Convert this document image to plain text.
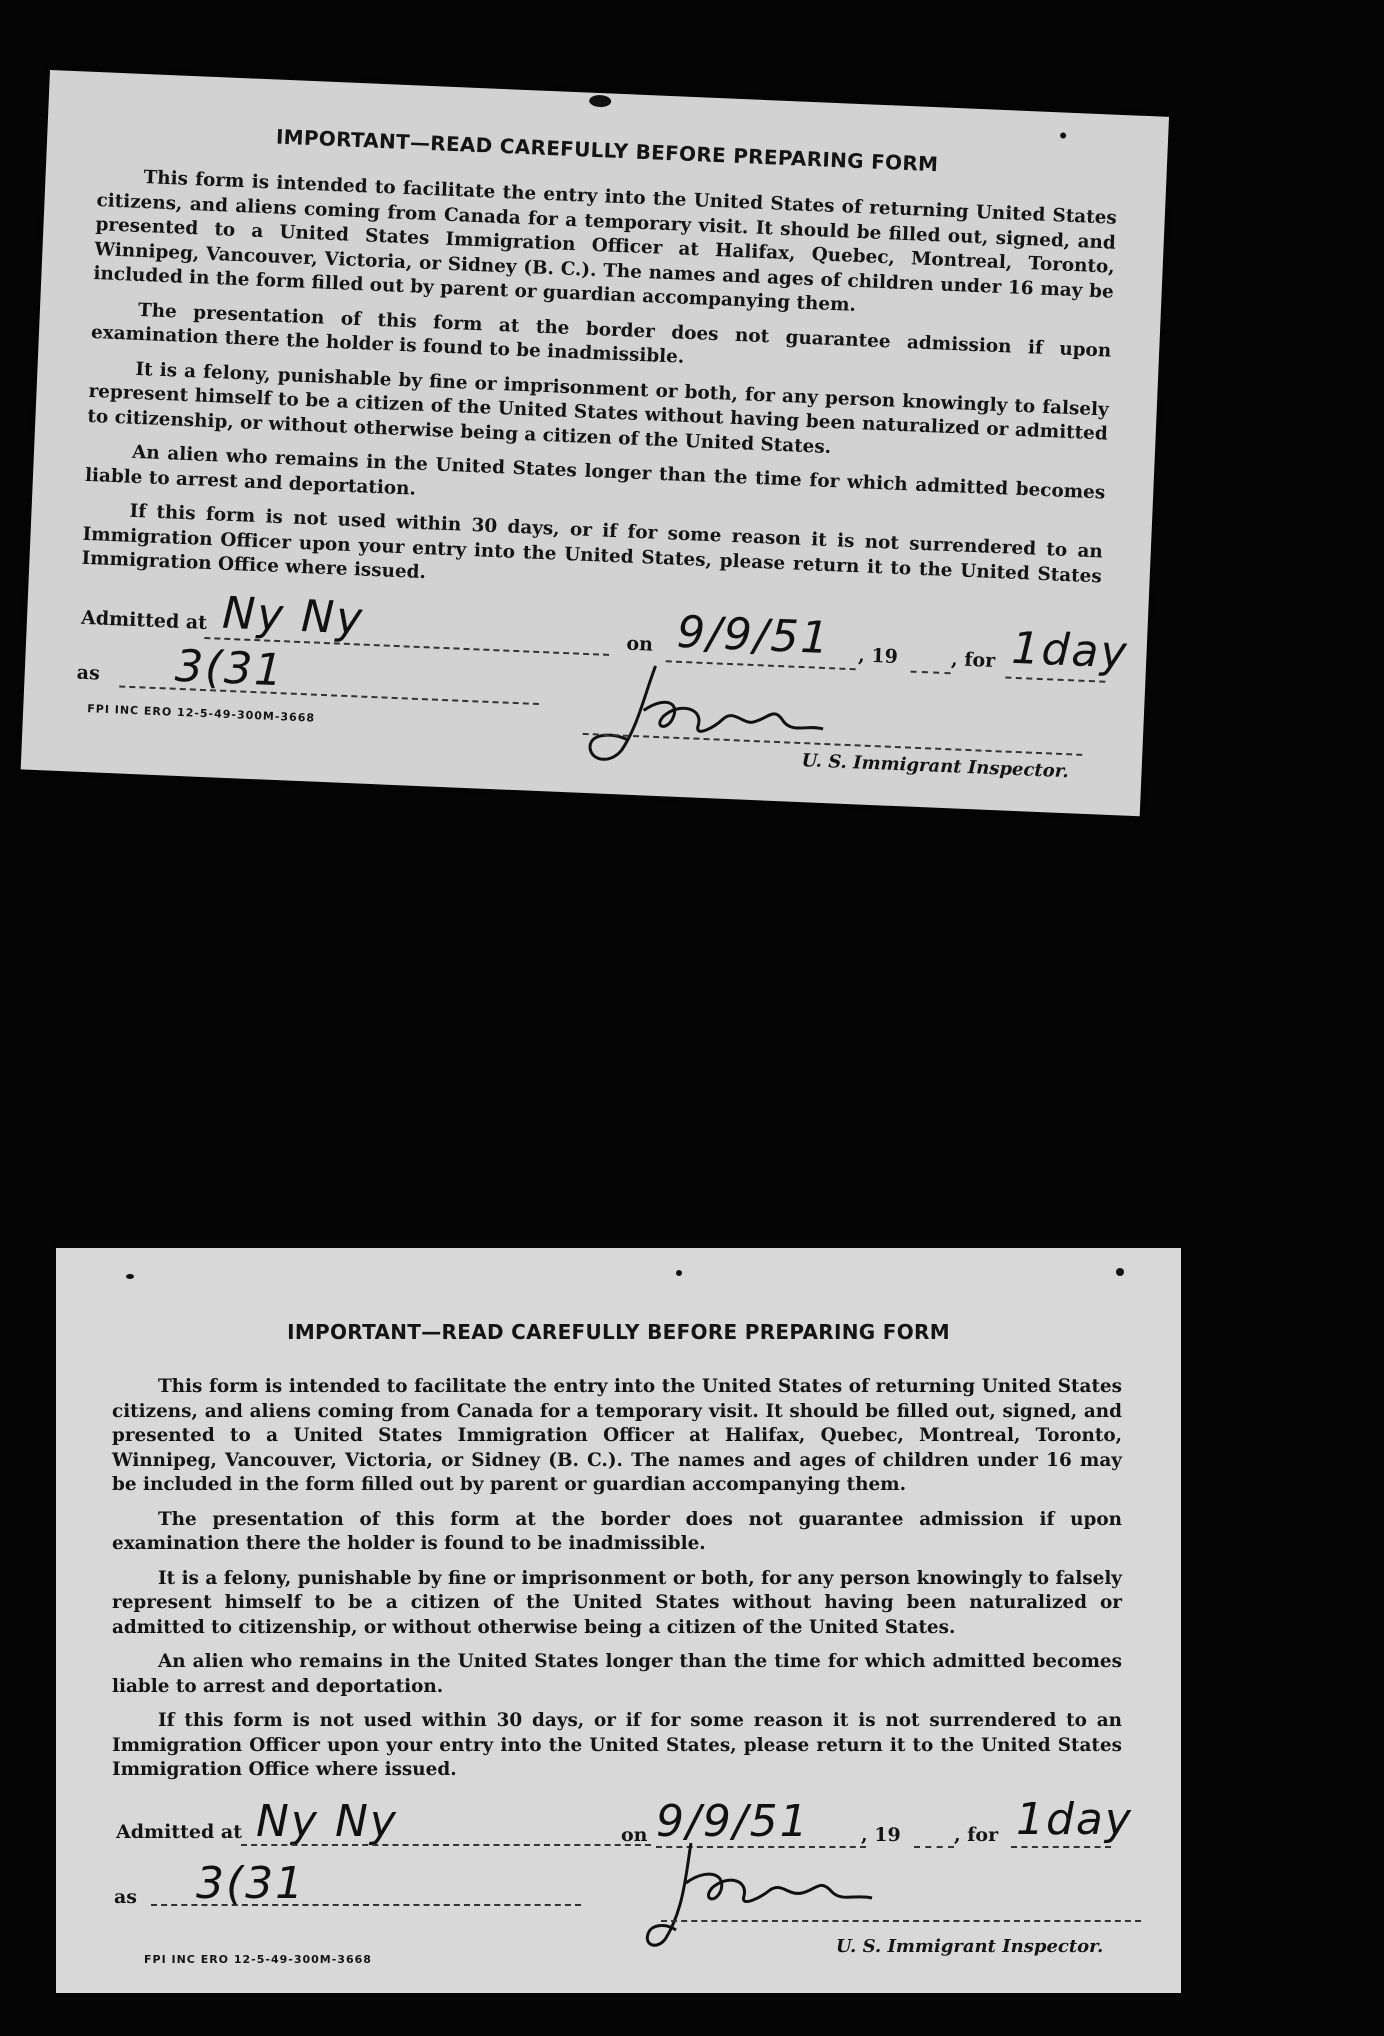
IMPORTANT—READ CAREFULLY BEFORE PREPARING FORM

This form is intended to facilitate the entry into the United States of returning United States citizens, and aliens coming from Canada for a temporary visit. It should be filled out, signed, and presented to a United States Immigration Officer at Halifax, Quebec, Montreal, Toronto, Winnipeg, Vancouver, Victoria, or Sidney (B. C.). The names and ages of children under 16 may be included in the form filled out by parent or guardian accompanying them.

The presentation of this form at the border does not guarantee admission if upon examination there the holder is found to be inadmissible.

It is a felony, punishable by fine or imprisonment or both, for any person knowingly to falsely represent himself to be a citizen of the United States without having been naturalized or admitted to citizenship, or without otherwise being a citizen of the United States.

An alien who remains in the United States longer than the time for which admitted becomes liable to arrest and deportation.

If this form is not used within 30 days, or if for some reason it is not surrendered to an Immigration Officer upon your entry into the United States, please return it to the United States Immigration Office where issued.

Admitted at Ny Ny	on 9/9/51 , 19	, for 1day
as 3(31
FPI INC ERO 12-5-49-300M-3668
U. S. Immigrant Inspector.
IMPORTANT—READ CAREFULLY BEFORE PREPARING FORM

This form is intended to facilitate the entry into the United States of returning United States citizens, and aliens coming from Canada for a temporary visit. It should be filled out, signed, and presented to a United States Immigration Officer at Halifax, Quebec, Montreal, Toronto, Winnipeg, Vancouver, Victoria, or Sidney (B. C.). The names and ages of children under 16 may be included in the form filled out by parent or guardian accompanying them.

The presentation of this form at the border does not guarantee admission if upon examination there the holder is found to be inadmissible.

It is a felony, punishable by fine or imprisonment or both, for any person knowingly to falsely represent himself to be a citizen of the United States without having been naturalized or admitted to citizenship, or without otherwise being a citizen of the United States.

An alien who remains in the United States longer than the time for which admitted becomes liable to arrest and deportation.

If this form is not used within 30 days, or if for some reason it is not surrendered to an Immigration Officer upon your entry into the United States, please return it to the United States Immigration Office where issued.

Admitted at Ny Ny	on 9/9/51	, 19	, for 1day
as 3(31
FPI INC ERO 12-5-49-300M-3668
U. S. Immigrant Inspector.
